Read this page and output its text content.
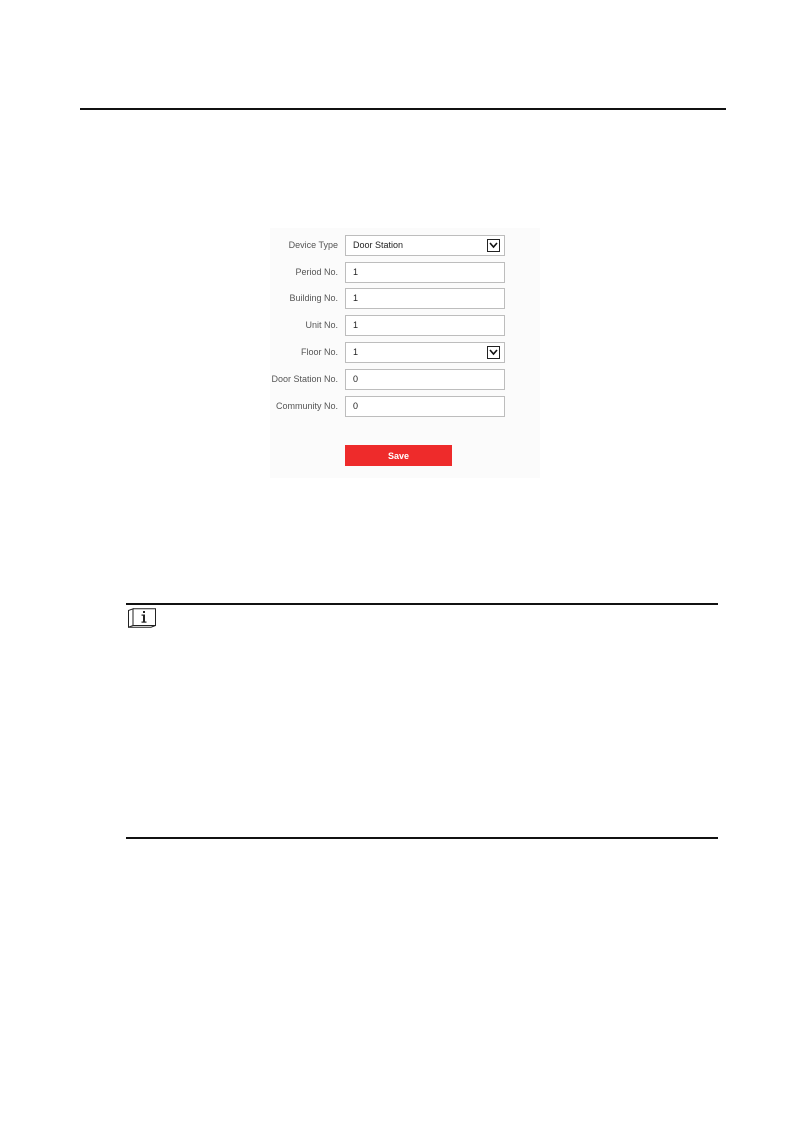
Device Type Door Station
Period No. 1
Building No. 1
Unit No. 1
Floor No. 1
Door Station No. 0
Community No. 0
Save
